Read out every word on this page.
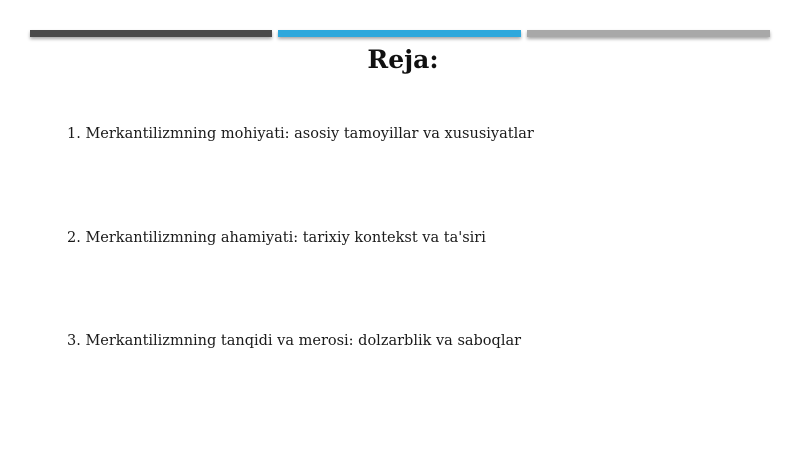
Reja:
1. Merkantilizmning mohiyati: asosiy tamoyillar va xususiyatlar
2. Merkantilizmning ahamiyati: tarixiy kontekst va ta'siri
3. Merkantilizmning tanqidi va merosi: dolzarblik va saboqlar
